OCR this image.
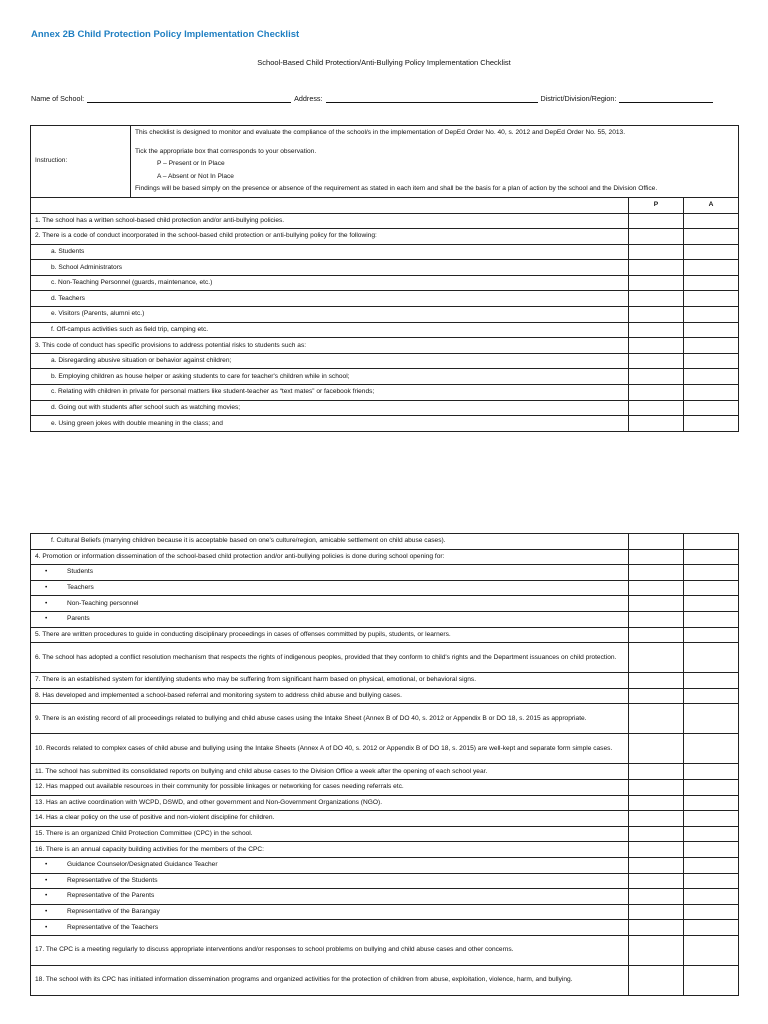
Annex 2B Child Protection Policy Implementation Checklist
School-Based Child Protection/Anti-Bullying Policy Implementation Checklist
Name of School:	Address:	District/Division/Region:
Instruction:	This checklist is designed to monitor and evaluate the compliance of the school/s in the implementation of DepEd Order No. 40, s. 2012 and DepEd Order No. 55, 2013.

Tick the appropriate box that corresponds to your observation.

P – Present or In Place

A – Absent or Not In Place

Findings will be based simply on the presence or absence of the requirement as stated in each item and shall be the basis for a plan of action by the school and the Division Office.		

		P	A
1. The school has a written school-based child protection and/or anti-bullying policies.			
2. There is a code of conduct incorporated in the school-based child protection or anti-bullying policy for the following:			
a. Students			
b. School Administrators			
c. Non-Teaching Personnel (guards, maintenance, etc.)			
d. Teachers			
e. Visitors (Parents, alumni etc.)			
f. Off-campus activities such as field trip, camping etc.			
3. This code of conduct has specific provisions to address potential risks to students such as:			
a. Disregarding abusive situation or behavior against children;			
b. Employing children as house helper or asking students to care for teacher's children while in school;			
c. Relating with children in private for personal matters like student-teacher as “text mates” or facebook friends;			
d. Going out with students after school such as watching movies;			
e. Using green jokes with double meaning in the class; and			
f. Cultural Beliefs (marrying children because it is acceptable based on one's culture/region, amicable settlement on child abuse cases).		
4. Promotion or information dissemination of the school-based child protection and/or anti-bullying policies is done during school opening for:		
• Students		
• Teachers		
• Non-Teaching personnel		
• Parents		
5. There are written procedures to guide in conducting disciplinary proceedings in cases of offenses committed by pupils, students, or learners.		
6. The school has adopted a conflict resolution mechanism that respects the rights of indigenous peoples, provided that they conform to child's rights and the Department issuances on child protection.		
7. There is an established system for identifying students who may be suffering from significant harm based on physical, emotional, or behavioral signs.		
8. Has developed and implemented a school-based referral and monitoring system to address child abuse and bullying cases.		
9. There is an existing record of all proceedings related to bullying and child abuse cases using the Intake Sheet (Annex B of DO 40, s. 2012 or Appendix B or DO 18, s. 2015 as appropriate.		
10. Records related to complex cases of child abuse and bullying using the Intake Sheets (Annex A of DO 40, s. 2012 or Appendix B of DO 18, s. 2015) are well-kept and separate form simple cases.		
11. The school has submitted its consolidated reports on bullying and child abuse cases to the Division Office a week after the opening of each school year.		
12. Has mapped out available resources in their community for possible linkages or networking for cases needing referrals etc.		
13. Has an active coordination with WCPD, DSWD, and other government and Non-Government Organizations (NGO).		
14. Has a clear policy on the use of positive and non-violent discipline for children.		
15. There is an organized Child Protection Committee (CPC) in the school.		
16. There is an annual capacity building activities for the members of the CPC:		
• Guidance Counselor/Designated Guidance Teacher		
• Representative of the Students		
• Representative of the Parents		
• Representative of the Barangay		
• Representative of the Teachers		
17. The CPC is a meeting regularly to discuss appropriate interventions and/or responses to school problems on bullying and child abuse cases and other concerns.		
18. The school with its CPC has initiated information dissemination programs and organized activities for the protection of children from abuse, exploitation, violence, harm, and bullying.		
